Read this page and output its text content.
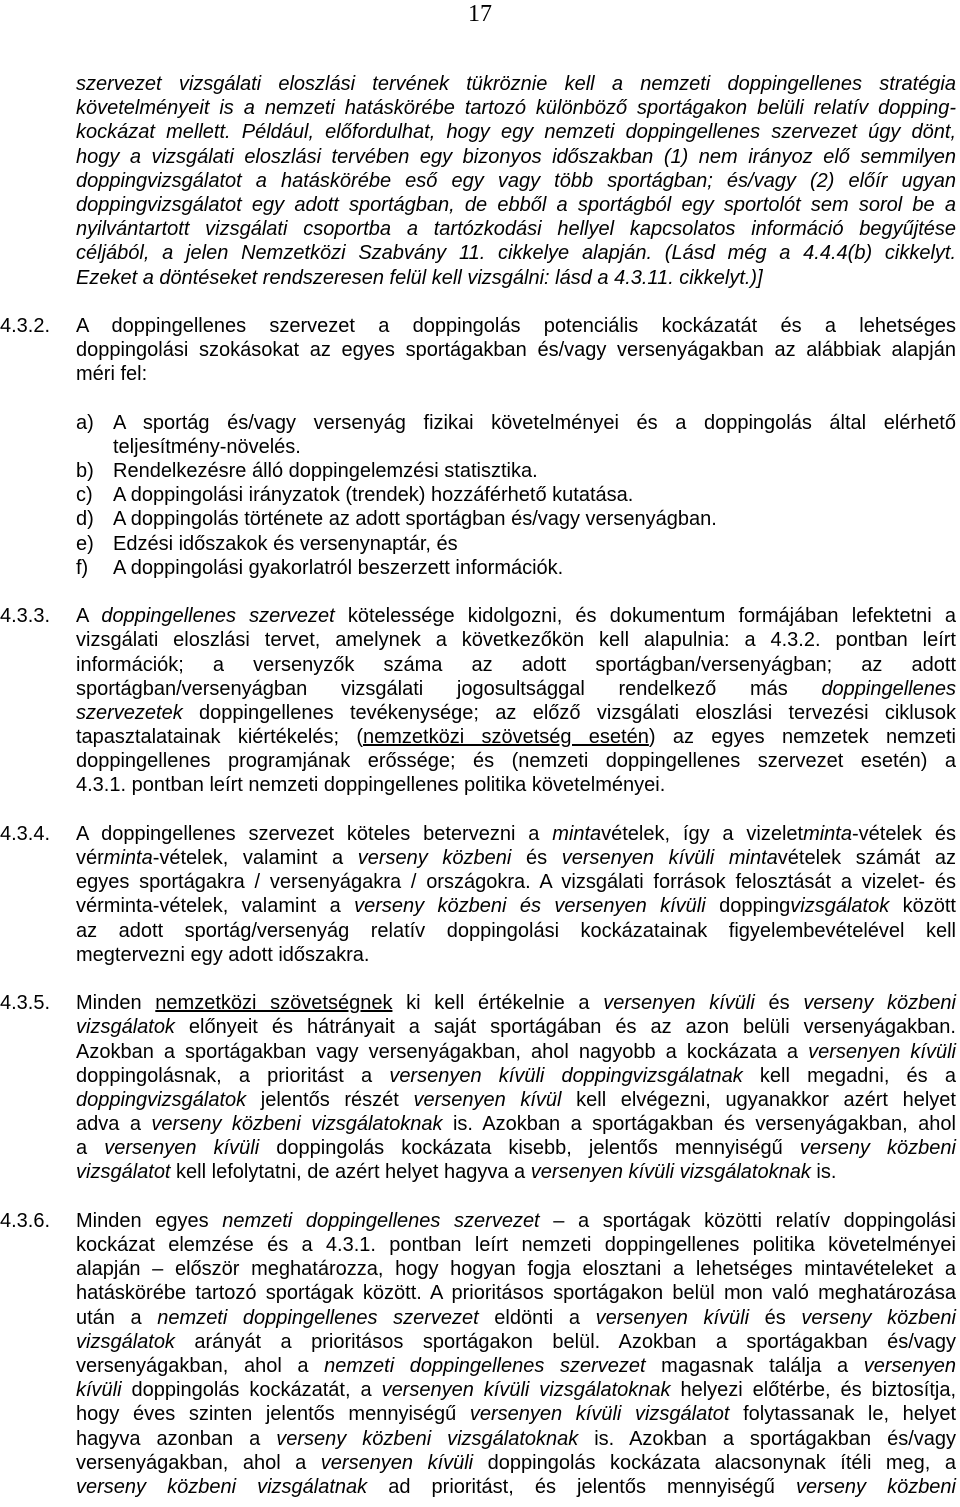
17
szervezet vizsgálati eloszlási tervének tükröznie kell a nemzeti doppingellenes stratégia
követelményeit is a nemzeti hatáskörébe tartozó különböző sportágakon belüli relatív dopping-
kockázat mellett. Például, előfordulhat, hogy egy nemzeti doppingellenes szervezet úgy dönt,
hogy a vizsgálati eloszlási tervében egy bizonyos időszakban (1) nem irányoz elő semmilyen
doppingvizsgálatot a hatáskörébe eső egy vagy több sportágban; és/vagy (2) előír ugyan
doppingvizsgálatot egy adott sportágban, de ebből a sportágból egy sportolót sem sorol be a
nyilvántartott vizsgálati csoportba a tartózkodási hellyel kapcsolatos információ begyűjtése
céljából, a jelen Nemzetközi Szabvány 11. cikkelye alapján. (Lásd még a 4.4.4(b) cikkelyt.
Ezeket a döntéseket rendszeresen felül kell vizsgálni: lásd a 4.3.11. cikkelyt.)]
4.3.2. A doppingellenes szervezet a doppingolás potenciális kockázatát és a lehetséges
doppingolási szokásokat az egyes sportágakban és/vagy versenyágakban az alábbiak alapján
méri fel:
a) A sportág és/vagy versenyág fizikai követelményei és a doppingolás által elérhető
teljesítmény-növelés.
b) Rendelkezésre álló doppingelemzési statisztika.
c) A doppingolási irányzatok (trendek) hozzáférhető kutatása.
d) A doppingolás története az adott sportágban és/vagy versenyágban.
e) Edzési időszakok és versenynaptár, és
f) A doppingolási gyakorlatról beszerzett információk.
4.3.3. A doppingellenes szervezet kötelessége kidolgozni, és dokumentum formájában lefektetni a
vizsgálati eloszlási tervet, amelynek a következőkön kell alapulnia: a 4.3.2. pontban leírt
információk; a versenyzők száma az adott sportágban/versenyágban; az adott
sportágban/versenyágban vizsgálati jogosultsággal rendelkező más doppingellenes
szervezetek doppingellenes tevékenysége; az előző vizsgálati eloszlási tervezési ciklusok
tapasztalatainak kiértékelés; (nemzetközi szövetség esetén) az egyes nemzetek nemzeti
doppingellenes programjának erőssége; és (nemzeti doppingellenes szervezet esetén) a
4.3.1. pontban leírt nemzeti doppingellenes politika követelményei.
4.3.4. A doppingellenes szervezet köteles betervezni a mintavételek, így a vizeletminta-vételek és
vérminta-vételek, valamint a verseny közbeni és versenyen kívüli mintavételek számát az
egyes sportágakra / versenyágakra / országokra. A vizsgálati források felosztását a vizelet- és
vérminta-vételek, valamint a verseny közbeni és versenyen kívüli doppingvizsgálatok között
az adott sportág/versenyág relatív doppingolási kockázatainak figyelembevételével kell
megtervezni egy adott időszakra.
4.3.5. Minden nemzetközi szövetségnek ki kell értékelnie a versenyen kívüli és verseny közbeni
vizsgálatok előnyeit és hátrányait a saját sportágában és az azon belüli versenyágakban.
Azokban a sportágakban vagy versenyágakban, ahol nagyobb a kockázata a versenyen kívüli
doppingolásnak, a prioritást a versenyen kívüli doppingvizsgálatnak kell megadni, és a
doppingvizsgálatok jelentős részét versenyen kívül kell elvégezni, ugyanakkor azért helyet
adva a verseny közbeni vizsgálatoknak is. Azokban a sportágakban és versenyágakban, ahol
a versenyen kívüli doppingolás kockázata kisebb, jelentős mennyiségű verseny közbeni
vizsgálatot kell lefolytatni, de azért helyet hagyva a versenyen kívüli vizsgálatoknak is.
4.3.6. Minden egyes nemzeti doppingellenes szervezet – a sportágak közötti relatív doppingolási
kockázat elemzése és a 4.3.1. pontban leírt nemzeti doppingellenes politika követelményei
alapján – először meghatározza, hogy hogyan fogja elosztani a lehetséges mintavételeket a
hatáskörébe tartozó sportágak között. A prioritásos sportágakon belül mon való meghatározása
után a nemzeti doppingellenes szervezet eldönti a versenyen kívüli és verseny közbeni
vizsgálatok arányát a prioritásos sportágakon belül. Azokban a sportágakban és/vagy
versenyágakban, ahol a nemzeti doppingellenes szervezet magasnak találja a versenyen
kívüli doppingolás kockázatát, a versenyen kívüli vizsgálatoknak helyezi előtérbe, és biztosítja,
hogy éves szinten jelentős mennyiségű versenyen kívüli vizsgálatot folytassanak le, helyet
hagyva azonban a verseny közbeni vizsgálatoknak is. Azokban a sportágakban és/vagy
versenyágakban, ahol a versenyen kívüli doppingolás kockázata alacsonynak ítéli meg, a
verseny közbeni vizsgálatnak ad prioritást, és jelentős mennyiségű verseny közbeni
